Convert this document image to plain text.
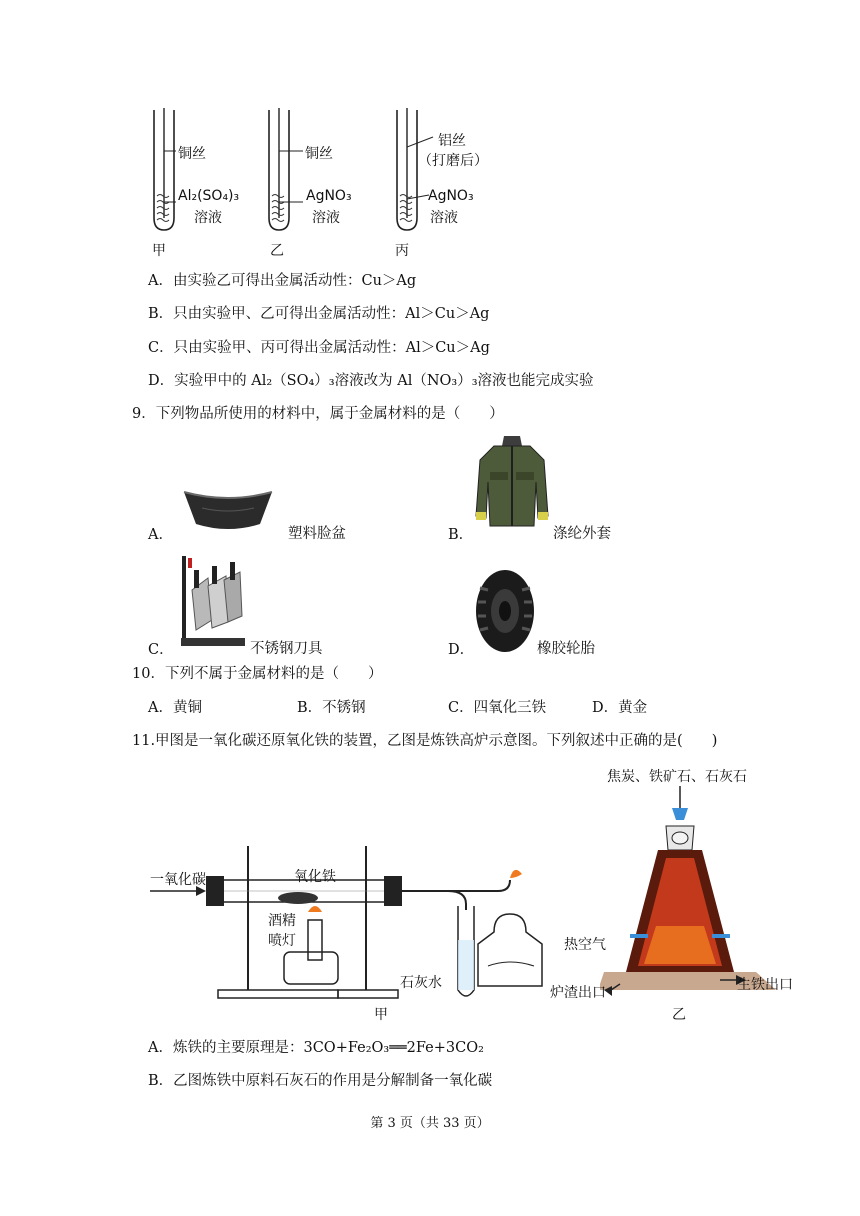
铜丝
Al₂(SO₄)₃
溶液
甲
铜丝
AgNO₃
溶液
乙
铝丝
（打磨后）
AgNO₃
溶液
丙
A．由实验乙可得出金属活动性：Cu＞Ag
B．只由实验甲、乙可得出金属活动性：Al＞Cu＞Ag
C．只由实验甲、丙可得出金属活动性：Al＞Cu＞Ag
D．实验甲中的 Al₂（SO₄）₃溶液改为 Al（NO₃）₃溶液也能完成实验
9．下列物品所使用的材料中，属于金属材料的是（　　）
A．	塑料脸盆	B．	涤纶外套
C．	不锈钢刀具	D．	橡胶轮胎
10．下列不属于金属材料的是（　　）
A．黄铜	B．不锈钢	C．四氧化三铁	D．黄金
11.甲图是一氧化碳还原氧化铁的装置，乙图是炼铁高炉示意图。下列叙述中正确的是(　　)
一氧化碳	氧化铁
酒精
喷灯
石灰水
甲
焦炭、铁矿石、石灰石
热空气
生铁出口
炉渣出口
乙
A．炼铁的主要原理是：3CO+Fe₂O₃══2Fe+3CO₂
B．乙图炼铁中原料石灰石的作用是分解制备一氧化碳
第 3 页（共 33 页）
